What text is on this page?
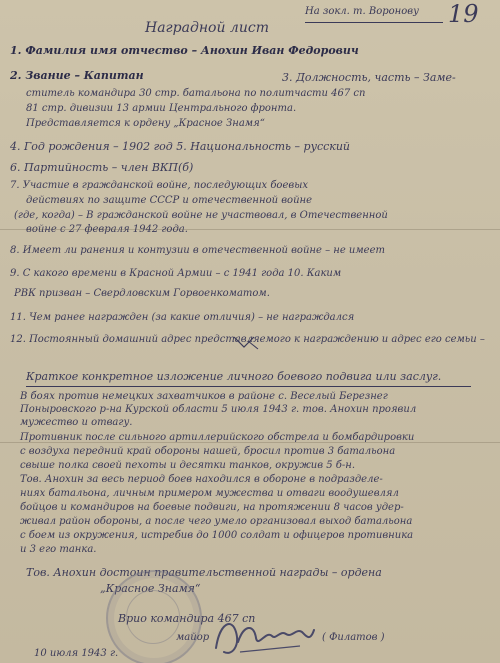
На зокл. т. Воронову 19
Наградной лист
1. Фамилия имя отчество – Анохин Иван Федорович
2. Звание – Капитан	3. Должность, часть – Заме-
ститель командира 30 стр. батальона по политчасти 467 сп
81 стр. дивизии 13 армии Центрального фронта.
Представляется к ордену „Красное Знамя“
4. Год рождения – 1902 год 5. Национальность – русский
6. Партийность – член ВКП(б)
7. Участие в гражданской войне, последующих боевых
действиях по защите СССР и отечественной войне
(где, когда) – В гражданской войне не участвовал, в Отечественной
войне с 27 февраля 1942 года.
8. Имеет ли ранения и контузии в отечественной войне – не имеет
9. С какого времени в Красной Армии – с 1941 года 10. Каким
РВК призван – Свердловским Горвоенкоматом.
11. Чем ранее награжден (за какие отличия) – не награждался
12. Постоянный домашний адрес представляемого к награждению и адрес его семьи –
Краткое конкретное изложение личного боевого подвига или заслуг.
В боях против немецких захватчиков в районе с. Веселый Березнег
Поныровского р-на Курской области 5 июля 1943 г. тов. Анохин проявил
мужество и отвагу.
Противник после сильного артиллерийского обстрела и бомбардировки
с воздуха передний край обороны нашей, бросил против 3 батальона
свыше полка своей пехоты и десятки танков, окружив 5 б-н.
Тов. Анохин за весь период боев находился в обороне в подразделе-
ниях батальона, личным примером мужества и отваги воодушевлял
бойцов и командиров на боевые подвиги, на протяжении 8 часов удер-
живал район обороны, а после чего умело организовал выход батальона
с боем из окружения, истребив до 1000 солдат и офицеров противника
и 3 его танка.
Тов. Анохин достоин правительственной награды – ордена
„Красное Знамя“
Врио командира 467 сп
майор	( Филатов )
10 июля 1943 г.
